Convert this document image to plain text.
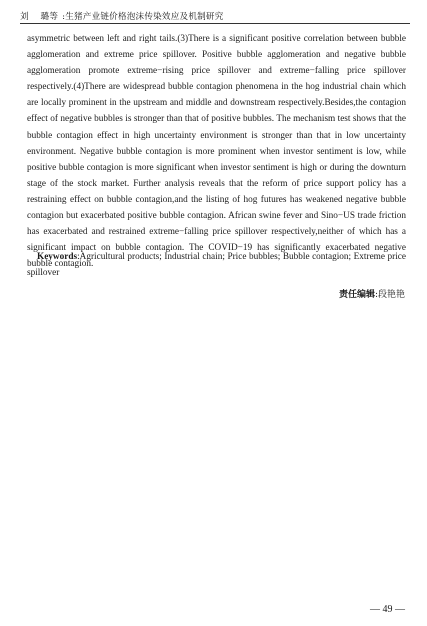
刘　 璐等 :生猪产业链价格泡沫传染效应及机制研究

asymmetric between left and right tails.(3)There is a significant positive correlation between bubble agglomeration and extreme price spillover. Positive bubble agglomeration and negative bubble agglomeration promote extreme−rising price spillover and extreme−falling price spillover respectively.(4)There are widespread bubble contagion phenomena in the hog industrial chain which are locally prominent in the upstream and middle and downstream respectively.Besides,the contagion effect of negative bubbles is stronger than that of positive bubbles. The mechanism test shows that the bubble contagion effect in high uncertainty environment is stronger than that in low uncertainty environment. Negative bubble contagion is more prominent when investor sentiment is low, while positive bubble contagion is more significant when investor sentiment is high or during the downturn stage of the stock market. Further analysis reveals that the reform of price support policy has a restraining effect on bubble contagion,and the listing of hog futures has weakened negative bubble contagion but exacerbated positive bubble contagion. African swine fever and Sino−US trade friction has exacerbated and restrained extreme−falling price spillover respectively,neither of which has a significant impact on bubble contagion. The COVID−19 has significantly exacerbated negative bubble contagion.

Keywords:Agricultural products; Industrial chain; Price bubbles; Bubble contagion; Extreme price spillover

责任编辑:段艳艳
— 49 —
